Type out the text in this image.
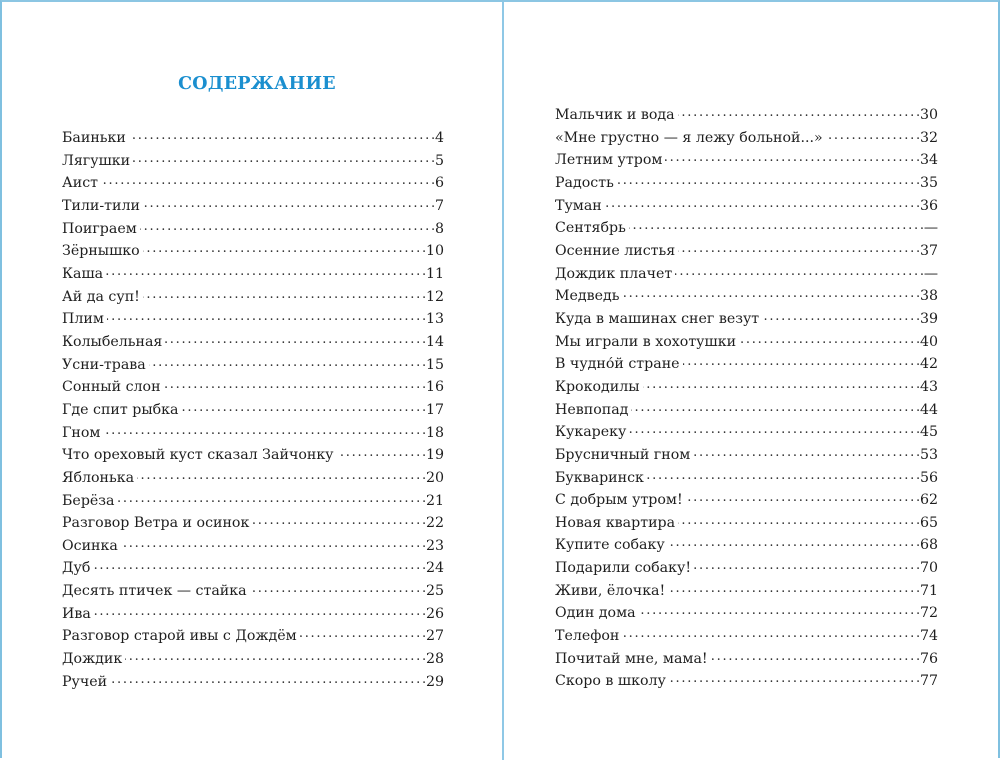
СОДЕРЖАНИЕ
Баиньки . . .	4
Лягушки . . .	5
Аист . . .	6
Тили-тили . . .	7
Поиграем . . .	8
Зёрнышко . . .	10
Каша . . .	11
Ай да суп! . . .	12
Плим . . .	13
Колыбельная . . .	14
Усни-трава . . .	15
Сонный слон . . .	16
Где спит рыбка . . .	17
Гном . . .	18
Что ореховый куст сказал Зайчонку . . .	19
Яблонька . . .	20
Берёза . . .	21
Разговор Ветра и осинок . . .	22
Осинка . . .	23
Дуб . . .	24
Десять птичек — стайка . . .	25
Ива . . .	26
Разговор старой ивы с Дождём . . .	27
Дождик . . .	28
Ручей . . .	29
Мальчик и вода . . .	30
«Мне грустно — я лежу больной...» . . .	32
Летним утром . . .	34
Радость . . .	35
Туман . . .	36
Сентябрь . . .	—
Осенние листья . . .	37
Дождик плачет . . .	—
Медведь . . .	38
Куда в машинах снег везут . . .	39
Мы играли в хохотушки . . .	40
В чудно́й стране . . .	42
Крокодилы . . .	43
Невпопад . . .	44
Кукареку . . .	45
Брусничный гном . . .	53
Букваринск . . .	56
С добрым утром! . . .	62
Новая квартира . . .	65
Купите собаку . . .	68
Подарили собаку! . . .	70
Живи, ёлочка! . . .	71
Один дома . . .	72
Телефон . . .	74
Почитай мне, мама! . . .	76
Скоро в школу . . .	77
